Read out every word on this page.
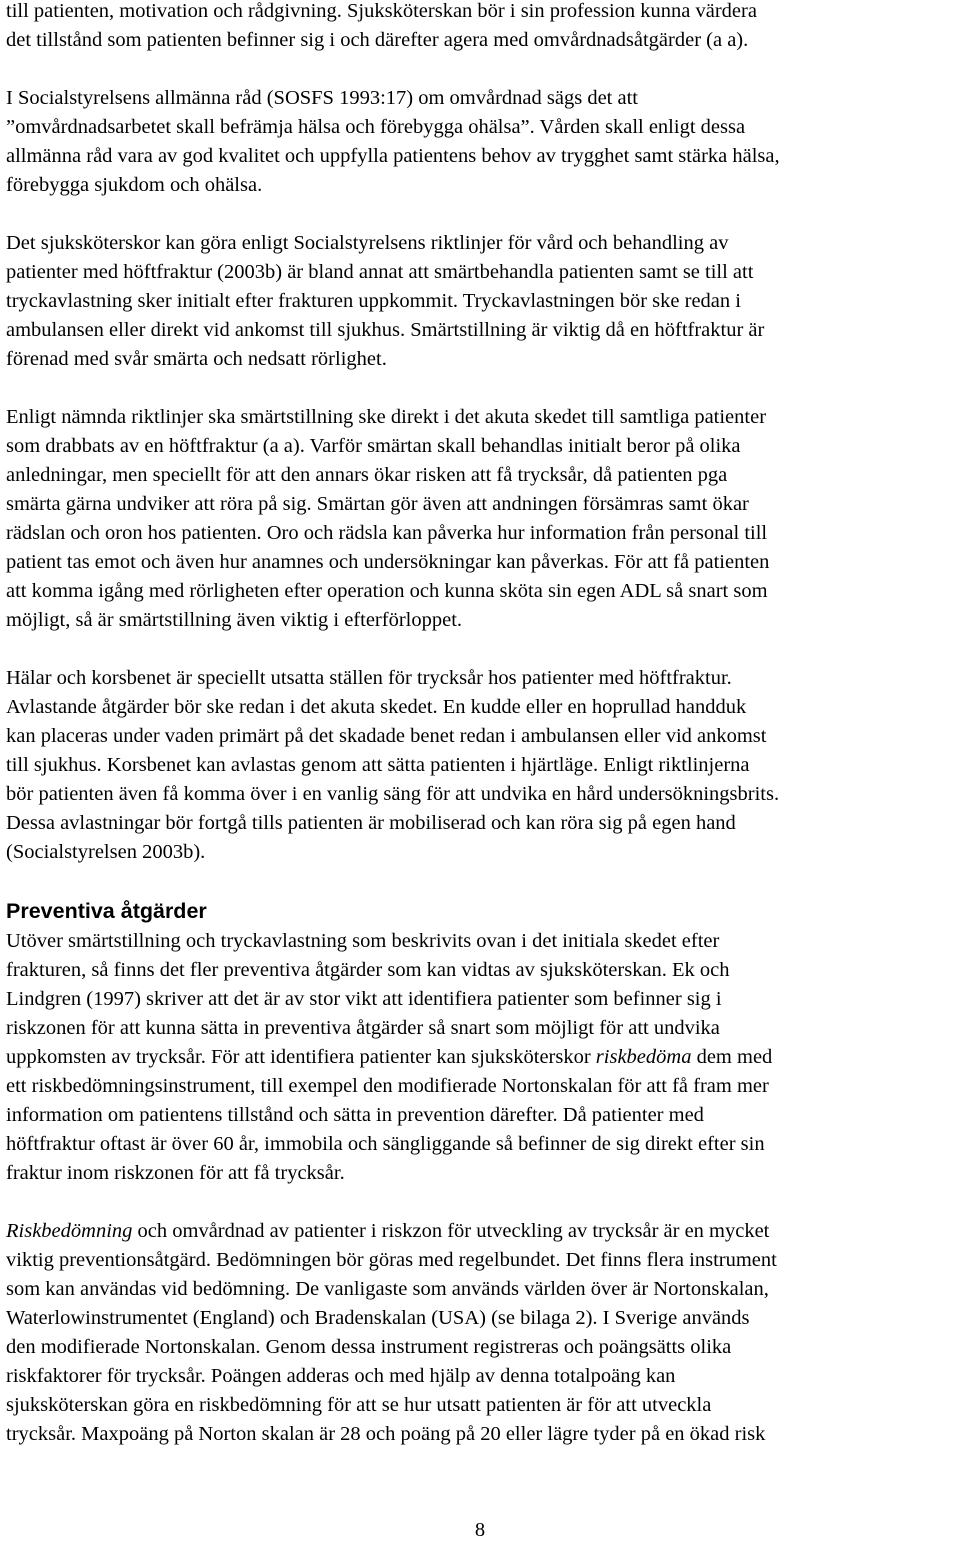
till patienten, motivation och rådgivning. Sjuksköterskan bör i sin profession kunna värdera
det tillstånd som patienten befinner sig i och därefter agera med omvårdnadsåtgärder (a a).

I Socialstyrelsens allmänna råd (SOSFS 1993:17) om omvårdnad sägs det att
”omvårdnadsarbetet skall befrämja hälsa och förebygga ohälsa”. Vården skall enligt dessa
allmänna råd vara av god kvalitet och uppfylla patientens behov av trygghet samt stärka hälsa,
förebygga sjukdom och ohälsa.

Det sjuksköterskor kan göra enligt Socialstyrelsens riktlinjer för vård och behandling av
patienter med höftfraktur (2003b) är bland annat att smärtbehandla patienten samt se till att
tryckavlastning sker initialt efter frakturen uppkommit. Tryckavlastningen bör ske redan i
ambulansen eller direkt vid ankomst till sjukhus. Smärtstillning är viktig då en höftfraktur är
förenad med svår smärta och nedsatt rörlighet.

Enligt nämnda riktlinjer ska smärtstillning ske direkt i det akuta skedet till samtliga patienter
som drabbats av en höftfraktur (a a). Varför smärtan skall behandlas initialt beror på olika
anledningar, men speciellt för att den annars ökar risken att få trycksår, då patienten pga
smärta gärna undviker att röra på sig. Smärtan gör även att andningen försämras samt ökar
rädslan och oron hos patienten. Oro och rädsla kan påverka hur information från personal till
patient tas emot och även hur anamnes och undersökningar kan påverkas. För att få patienten
att komma igång med rörligheten efter operation och kunna sköta sin egen ADL så snart som
möjligt, så är smärtstillning även viktig i efterförloppet.

Hälar och korsbenet är speciellt utsatta ställen för trycksår hos patienter med höftfraktur.
Avlastande åtgärder bör ske redan i det akuta skedet. En kudde eller en hoprullad handduk
kan placeras under vaden primärt på det skadade benet redan i ambulansen eller vid ankomst
till sjukhus. Korsbenet kan avlastas genom att sätta patienten i hjärtläge. Enligt riktlinjerna
bör patienten även få komma över i en vanlig säng för att undvika en hård undersökningsbrits.
Dessa avlastningar bör fortgå tills patienten är mobiliserad och kan röra sig på egen hand
(Socialstyrelsen 2003b).

Preventiva åtgärder

Utöver smärtstillning och tryckavlastning som beskrivits ovan i det initiala skedet efter
frakturen, så finns det fler preventiva åtgärder som kan vidtas av sjuksköterskan. Ek och
Lindgren (1997) skriver att det är av stor vikt att identifiera patienter som befinner sig i
riskzonen för att kunna sätta in preventiva åtgärder så snart som möjligt för att undvika
uppkomsten av trycksår. För att identifiera patienter kan sjuksköterskor riskbedöma dem med
ett riskbedömningsinstrument, till exempel den modifierade Nortonskalan för att få fram mer
information om patientens tillstånd och sätta in prevention därefter. Då patienter med
höftfraktur oftast är över 60 år, immobila och sängliggande så befinner de sig direkt efter sin
fraktur inom riskzonen för att få trycksår.

Riskbedömning och omvårdnad av patienter i riskzon för utveckling av trycksår är en mycket
viktig preventionsåtgärd. Bedömningen bör göras med regelbundet. Det finns flera instrument
som kan användas vid bedömning. De vanligaste som används världen över är Nortonskalan,
Waterlowinstrumentet (England) och Bradenskalan (USA) (se bilaga 2). I Sverige används
den modifierade Nortonskalan. Genom dessa instrument registreras och poängsätts olika
riskfaktorer för trycksår. Poängen adderas och med hjälp av denna totalpoäng kan
sjuksköterskan göra en riskbedömning för att se hur utsatt patienten är för att utveckla
trycksår. Maxpoäng på Norton skalan är 28 och poäng på 20 eller lägre tyder på en ökad risk

8
